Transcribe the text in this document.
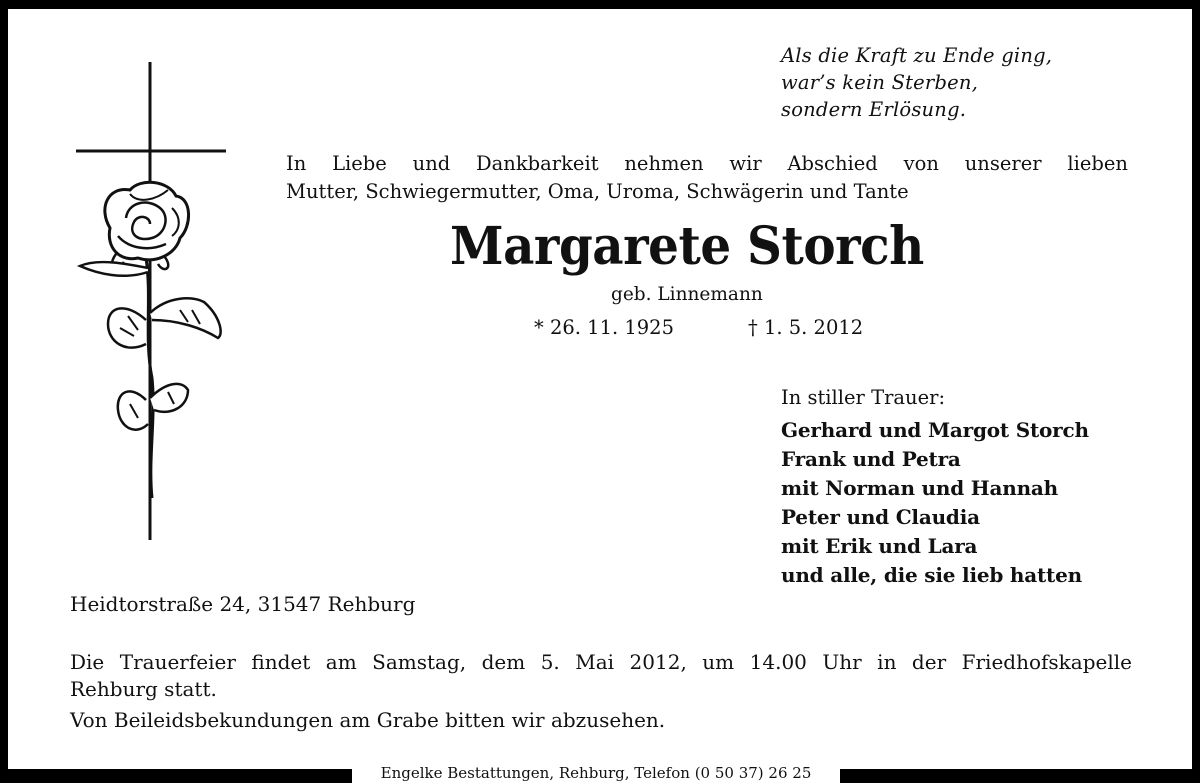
Als die Kraft zu Ende ging,
war’s kein Sterben,
sondern Erlösung.
In Liebe und Dankbarkeit nehmen wir Abschied von unserer lieben
Mutter, Schwiegermutter, Oma, Uroma, Schwägerin und Tante
Margarete Storch
geb. Linnemann
* 26. 11. 1925	† 1. 5. 2012
In stiller Trauer:
Gerhard und Margot Storch
Frank und Petra
mit Norman und Hannah
Peter und Claudia
mit Erik und Lara
und alle, die sie lieb hatten
Heidtorstraße 24, 31547 Rehburg
Die Trauerfeier findet am Samstag, dem 5. Mai 2012, um 14.00 Uhr in der Friedhofskapelle
Rehburg statt.
Von Beileidsbekundungen am Grabe bitten wir abzusehen.
Engelke Bestattungen, Rehburg, Telefon (0 50 37) 26 25
